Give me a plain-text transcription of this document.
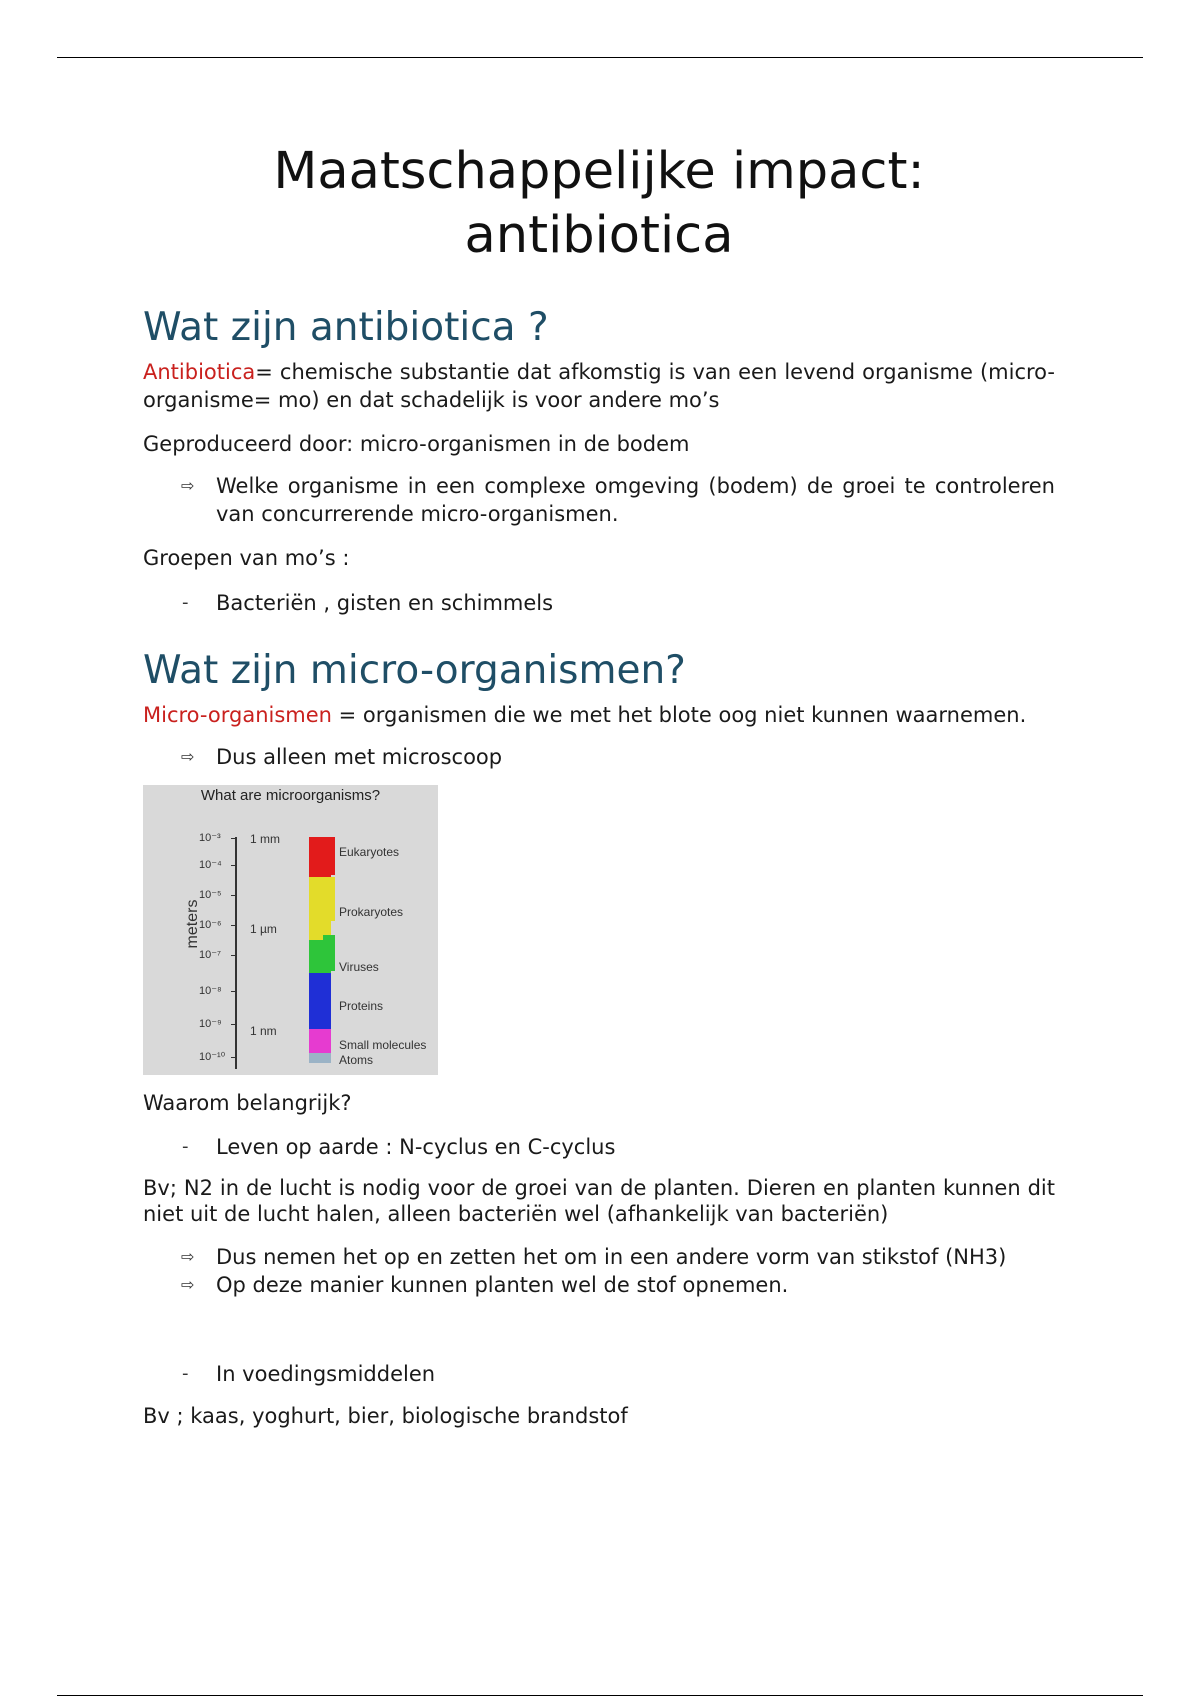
Maatschappelijke impact: antibiotica
Wat zijn antibiotica ?

Antibiotica= chemische substantie dat afkomstig is van een levend organisme (micro-organisme= mo) en dat schadelijk is voor andere mo’s

Geproduceerd door: micro-organismen in de bodem

⇨ Welke organisme in een complexe omgeving (bodem) de groei te controleren van concurrerende micro-organismen.

Groepen van mo’s :

- Bacteriën , gisten en schimmels
Wat zijn micro-organismen?

Micro-organismen = organismen die we met het blote oog niet kunnen waarnemen.

⇨ Dus alleen met microscoop
What are microorganisms?
meters
10⁻³
10⁻⁴
10⁻⁵
10⁻⁶
10⁻⁷
10⁻⁸
10⁻⁹
10⁻¹⁰
1 mm
1 µm
1 nm
Eukaryotes
Prokaryotes
Viruses
Proteins
Small molecules
Atoms

Waarom belangrijk?

- Leven op aarde : N-cyclus en C-cyclus

Bv; N2 in de lucht is nodig voor de groei van de planten. Dieren en planten kunnen dit niet uit de lucht halen, alleen bacteriën wel (afhankelijk van bacteriën)

⇨ Dus nemen het op en zetten het om in een andere vorm van stikstof (NH3)
⇨ Op deze manier kunnen planten wel de stof opnemen.
- In voedingsmiddelen

Bv ; kaas, yoghurt, bier, biologische brandstof
